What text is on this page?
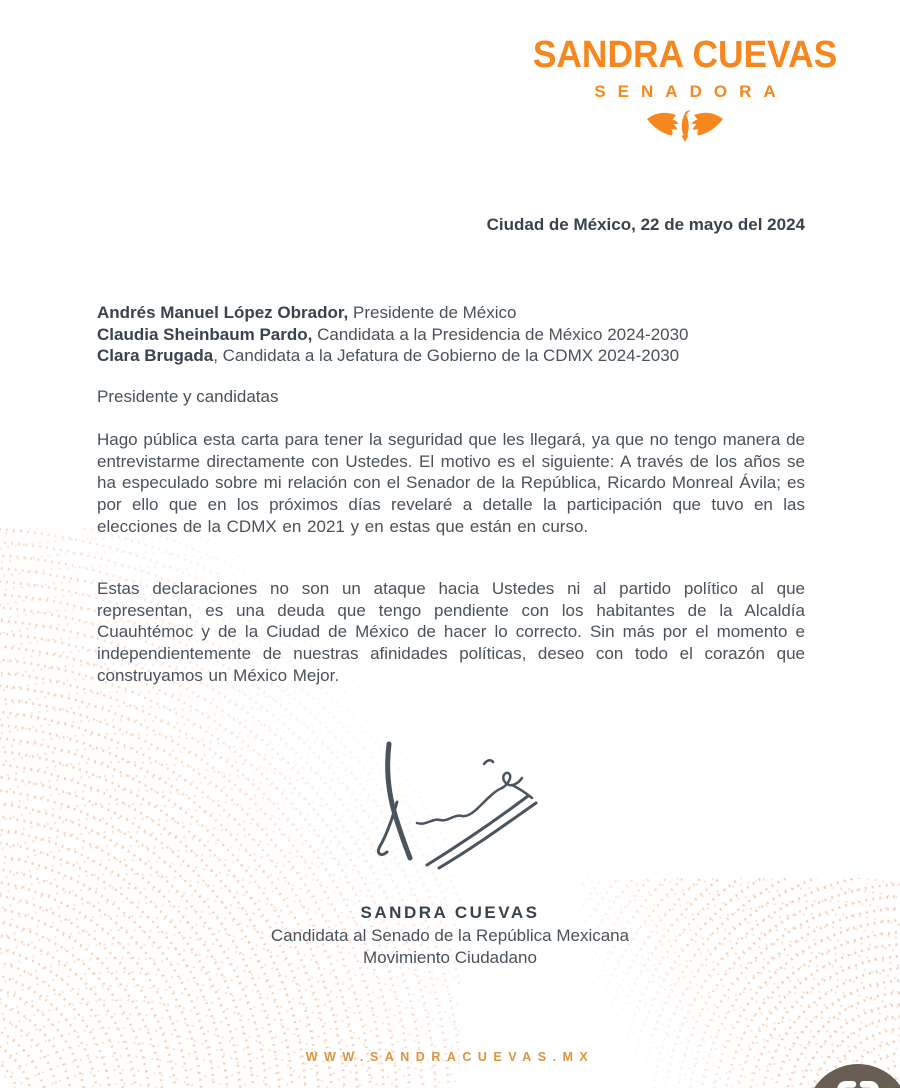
SANDRA CUEVAS
SENADORA
Ciudad de México, 22 de mayo del 2024
Andrés Manuel López Obrador, Presidente de México
Claudia Sheinbaum Pardo, Candidata a la Presidencia de México 2024-2030
Clara Brugada, Candidata a la Jefatura de Gobierno de la CDMX 2024-2030
Presidente y candidatas

Hago pública esta carta para tener la seguridad que les llegará, ya que no tengo manera de entrevistarme directamente con Ustedes. El motivo es el siguiente: A través de los años se ha especulado sobre mi relación con el Senador de la República, Ricardo Monreal Ávila; es por ello que en los próximos días revelaré a detalle la participación que tuvo en las elecciones de la CDMX en 2021 y en estas que están en curso.

Estas declaraciones no son un ataque hacia Ustedes ni al partido político al que representan, es una deuda que tengo pendiente con los habitantes de la Alcaldía Cuauhtémoc y de la Ciudad de México de hacer lo correcto. Sin más por el momento e independientemente de nuestras afinidades políticas, deseo con todo el corazón que construyamos un México Mejor.

SANDRA CUEVAS
Candidata al Senado de la República Mexicana
Movimiento Ciudadano
WWW.SANDRACUEVAS.MX
